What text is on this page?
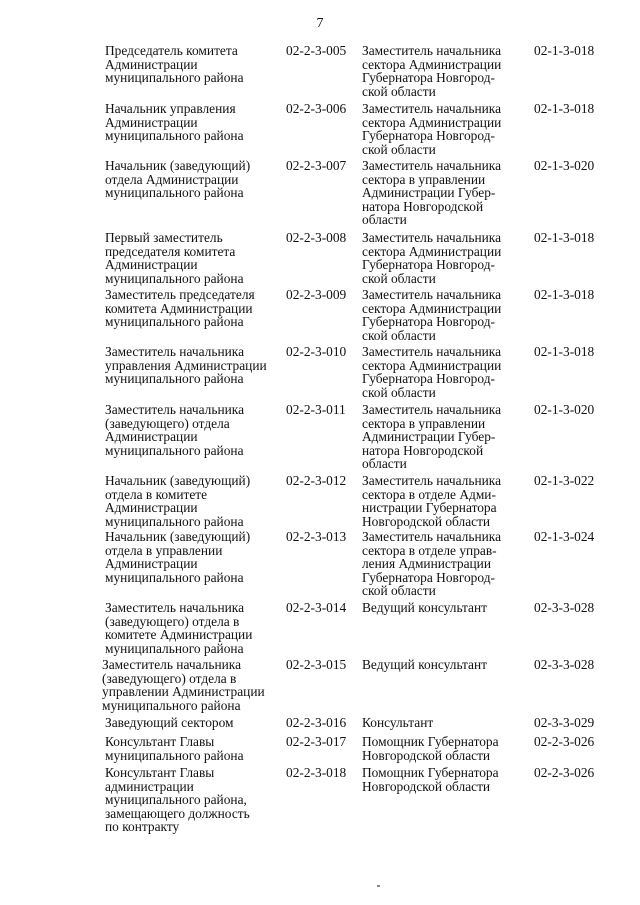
7
Председатель комитета
Администрации
муниципального района
02-2-3-005	Заместитель начальника
сектора Администрации
Губернатора Новгород-
ской области
02-1-3-018
Начальник управления
Администрации
муниципального района
02-2-3-006	Заместитель начальника
сектора Администрации
Губернатора Новгород-
ской области
02-1-3-018
Начальник (заведующий)
отдела Администрации
муниципального района
02-2-3-007	Заместитель начальника
сектора в управлении
Администрации Губер-
натора Новгородской
области
02-1-3-020
Первый заместитель
председателя комитета
Администрации
муниципального района
02-2-3-008	Заместитель начальника
сектора Администрации
Губернатора Новгород-
ской области
02-1-3-018
Заместитель председателя
комитета Администрации
муниципального района
02-2-3-009	Заместитель начальника
сектора Администрации
Губернатора Новгород-
ской области
02-1-3-018
Заместитель начальника
управления Администрации
муниципального района
02-2-3-010	Заместитель начальника
сектора Администрации
Губернатора Новгород-
ской области
02-1-3-018
Заместитель начальника
(заведующего) отдела
Администрации
муниципального района
02-2-3-011	Заместитель начальника
сектора в управлении
Администрации Губер-
натора Новгородской
области
02-1-3-020
Начальник (заведующий)
отдела в комитете
Администрации
муниципального района
02-2-3-012	Заместитель начальника
сектора в отделе Адми-
нистрации Губернатора
Новгородской области
02-1-3-022
Начальник (заведующий)
отдела в управлении
Администрации
муниципального района
02-2-3-013	Заместитель начальника
сектора в отделе управ-
ления Администрации
Губернатора Новгород-
ской области
02-1-3-024
Заместитель начальника
(заведующего) отдела в
комитете Администрации
муниципального района
02-2-3-014	Ведущий консультант	02-3-3-028
Заместитель начальника
(заведующего) отдела в
управлении Администрации
муниципального района
02-2-3-015	Ведущий консультант	02-3-3-028
Заведующий сектором	02-2-3-016	Консультант	02-3-3-029
Консультант Главы
муниципального района
02-2-3-017	Помощник Губернатора
Новгородской области
02-2-3-026
Консультант Главы
администрации
муниципального района,
замещающего должность
по контракту
02-2-3-018	Помощник Губернатора
Новгородской области
02-2-3-026
